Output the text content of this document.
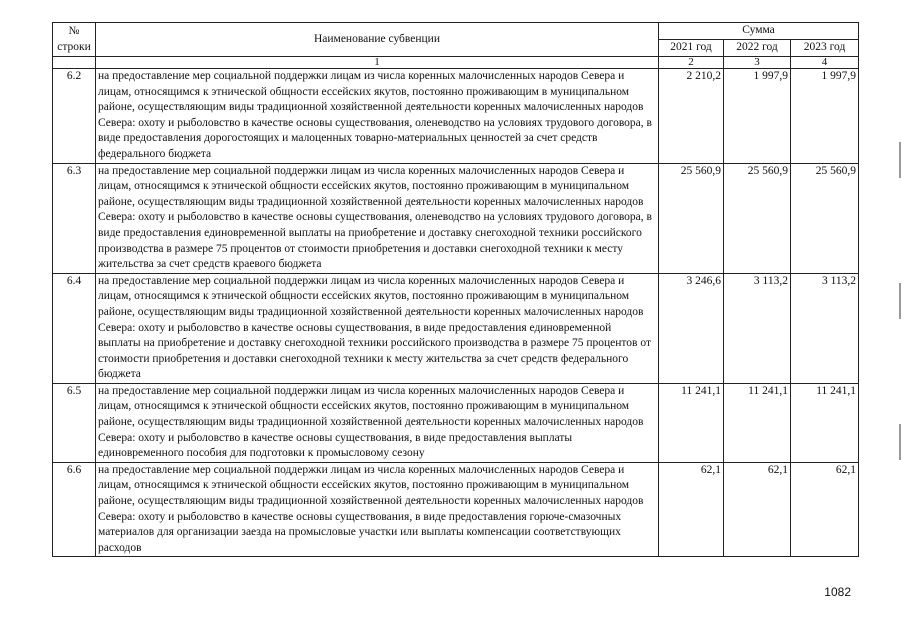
№
строки	Наименование субвенции	Сумма		
		2021 год	2022 год	2023 год
	1	2	3	4
6.2	на предоставление мер социальной поддержки лицам из числа коренных малочисленных народов Севера и лицам, относящимся к этнической общности ессейских якутов, постоянно проживающим в муниципальном районе, осуществляющим виды традиционной хозяйственной деятельности коренных малочисленных народов Севера: охоту и рыболовство в качестве основы существования, оленеводство на условиях трудового договора, в виде предоставления дорогостоящих и малоценных товарно-материальных ценностей за счет средств федерального бюджета	2 210,2	1 997,9	1 997,9
6.3	на предоставление мер социальной поддержки лицам из числа коренных малочисленных народов Севера и лицам, относящимся к этнической общности ессейских якутов, постоянно проживающим в муниципальном районе, осуществляющим виды традиционной хозяйственной деятельности коренных малочисленных народов Севера: охоту и рыболовство в качестве основы существования, оленеводство на условиях трудового договора, в виде предоставления единовременной выплаты на приобретение и доставку снегоходной техники российского производства в размере 75 процентов от стоимости приобретения и доставки снегоходной техники к месту жительства за счет средств краевого бюджета	25 560,9	25 560,9	25 560,9
6.4	на предоставление мер социальной поддержки лицам из числа коренных малочисленных народов Севера и лицам, относящимся к этнической общности ессейских якутов, постоянно проживающим в муниципальном районе, осуществляющим виды традиционной хозяйственной деятельности коренных малочисленных народов Севера: охоту и рыболовство в качестве основы существования, в виде предоставления единовременной выплаты на приобретение и доставку снегоходной техники российского производства в размере 75 процентов от стоимости приобретения и доставки снегоходной техники к месту жительства за счет средств федерального бюджета	3 246,6	3 113,2	3 113,2
6.5	на предоставление мер социальной поддержки лицам из числа коренных малочисленных народов Севера и лицам, относящимся к этнической общности ессейских якутов, постоянно проживающим в муниципальном районе, осуществляющим виды традиционной хозяйственной деятельности коренных малочисленных народов Севера: охоту и рыболовство в качестве основы существования, в виде предоставления выплаты единовременного пособия для подготовки к промысловому сезону	11 241,1	11 241,1	11 241,1
6.6	на предоставление мер социальной поддержки лицам из числа коренных малочисленных народов Севера и лицам, относящимся к этнической общности ессейских якутов, постоянно проживающим в муниципальном районе, осуществляющим виды традиционной хозяйственной деятельности коренных малочисленных народов Севера: охоту и рыболовство в качестве основы существования, в виде предоставления горюче-смазочных материалов для организации заезда на промысловые участки или выплаты компенсации соответствующих расходов	62,1	62,1	62,1
1082
